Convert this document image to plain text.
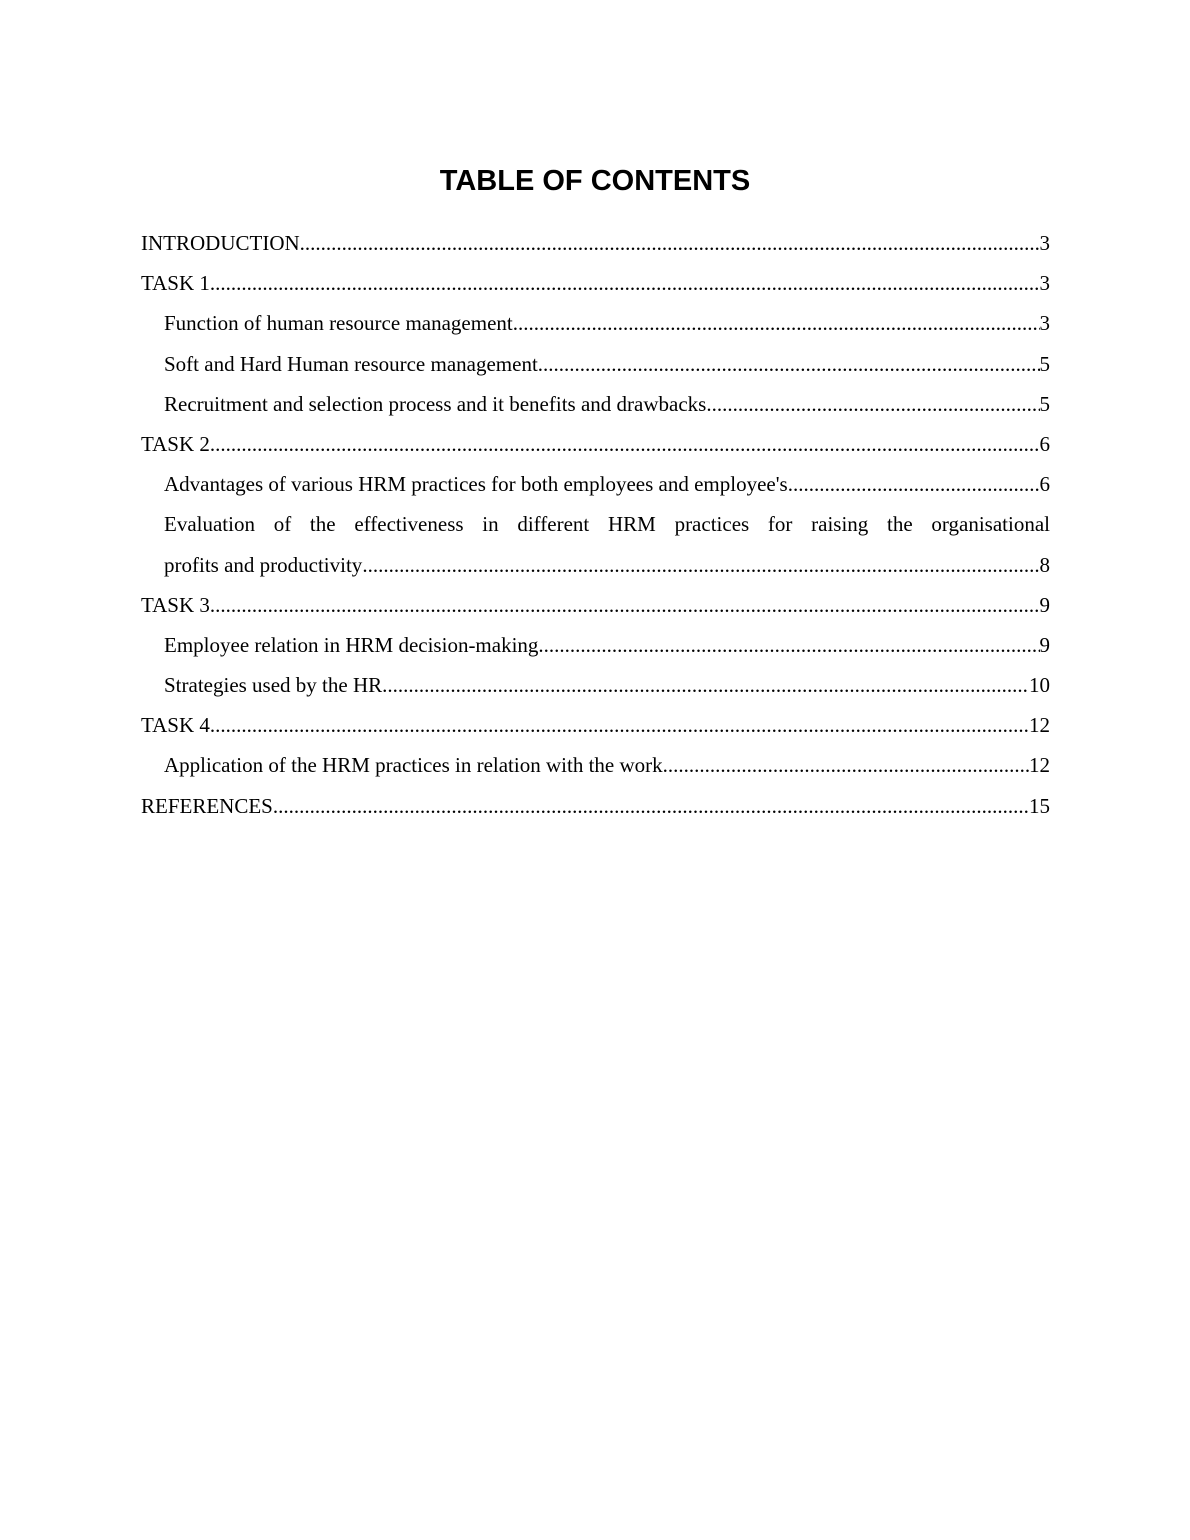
TABLE OF CONTENTS
INTRODUCTION .....	3
TASK 1 .....	3
Function of human resource management .....	3
Soft and Hard Human resource management .....	5
Recruitment and selection process and it benefits and drawbacks .....	5
TASK 2 .....	6
Advantages of various HRM practices for both employees and employee's .....	6
Evaluation of the effectiveness in different HRM practices for raising the organisational
profits and productivity .....	8
TASK 3 .....	9
Employee relation in HRM decision-making .....	9
Strategies used by the HR .....	10
TASK 4 .....	12
Application of the HRM practices in relation with the work .....	12
REFERENCES .....	15
